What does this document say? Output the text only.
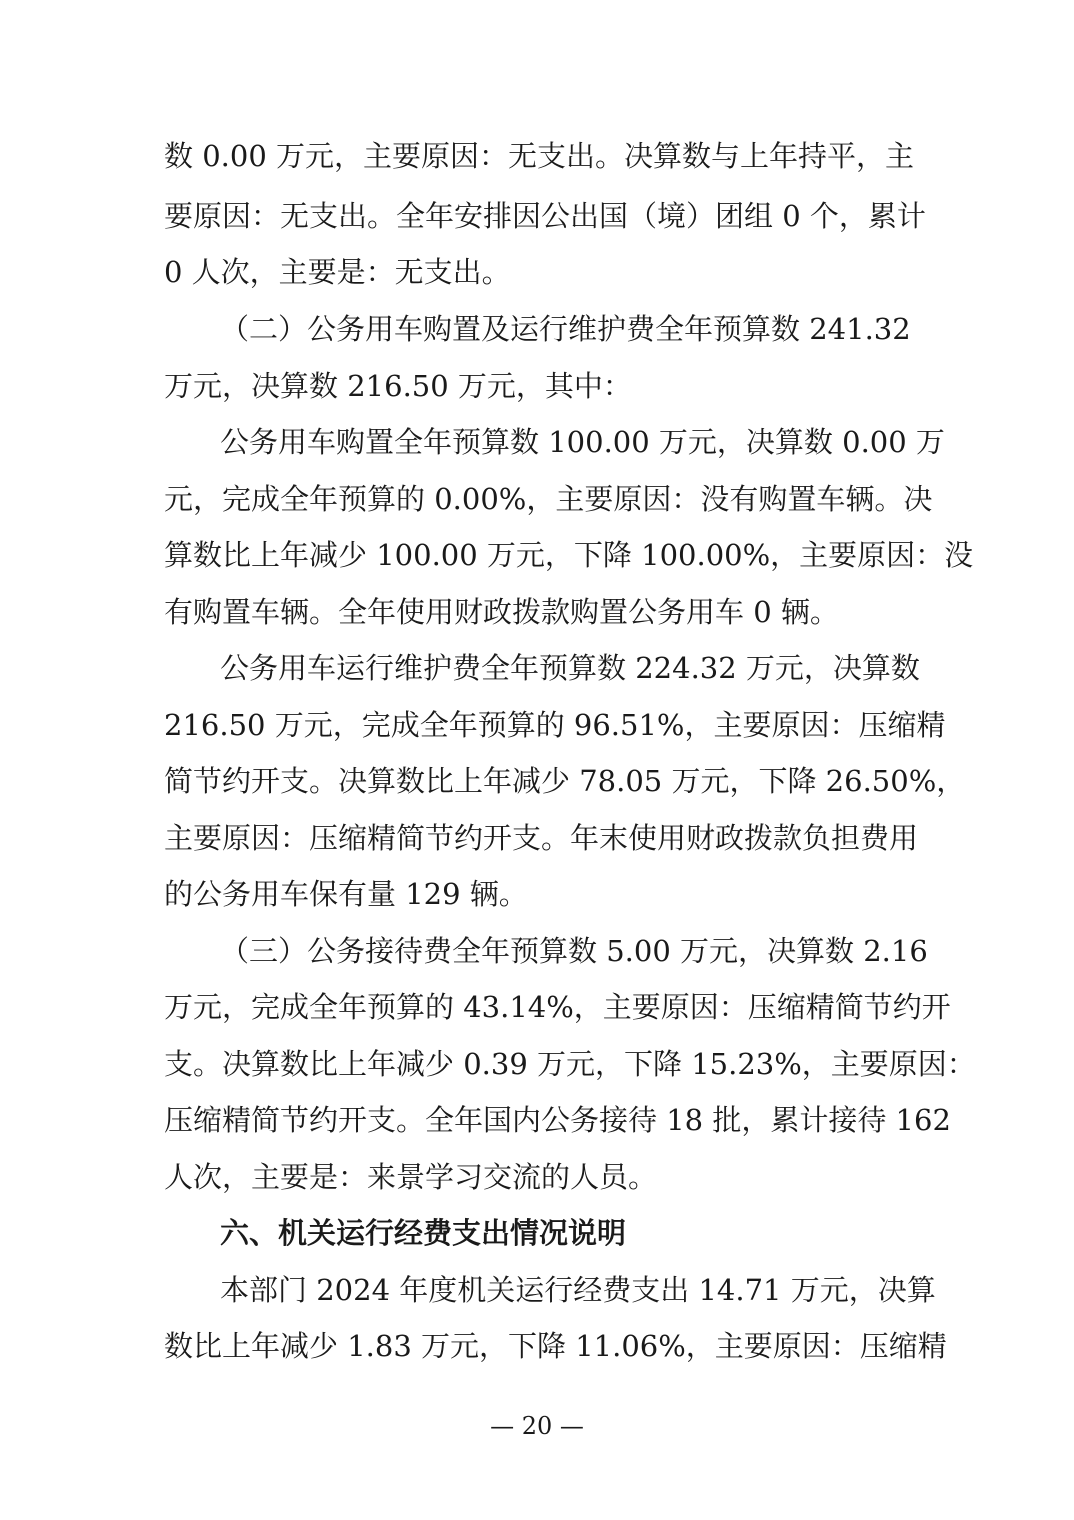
数 0.00 万元，主要原因：无支出。决算数与上年持平，主
要原因：无支出。全年安排因公出国（境）团组 0 个，累计
0 人次，主要是：无支出。
（二）公务用车购置及运行维护费全年预算数 241.32
万元，决算数 216.50 万元，其中：
公务用车购置全年预算数 100.00 万元，决算数 0.00 万
元，完成全年预算的 0.00%，主要原因：没有购置车辆。决
算数比上年减少 100.00 万元，下降 100.00%，主要原因：没
有购置车辆。全年使用财政拨款购置公务用车 0 辆。
公务用车运行维护费全年预算数 224.32 万元，决算数
216.50 万元，完成全年预算的 96.51%，主要原因：压缩精
简节约开支。决算数比上年减少 78.05 万元，下降 26.50%，
主要原因：压缩精简节约开支。年末使用财政拨款负担费用
的公务用车保有量 129 辆。
（三）公务接待费全年预算数 5.00 万元，决算数 2.16
万元，完成全年预算的 43.14%，主要原因：压缩精简节约开
支。决算数比上年减少 0.39 万元，下降 15.23%，主要原因：
压缩精简节约开支。全年国内公务接待 18 批，累计接待 162
人次，主要是：来景学习交流的人员。
六、机关运行经费支出情况说明
本部门 2024 年度机关运行经费支出 14.71 万元，决算
数比上年减少 1.83 万元，下降 11.06%，主要原因：压缩精
— 20 —
